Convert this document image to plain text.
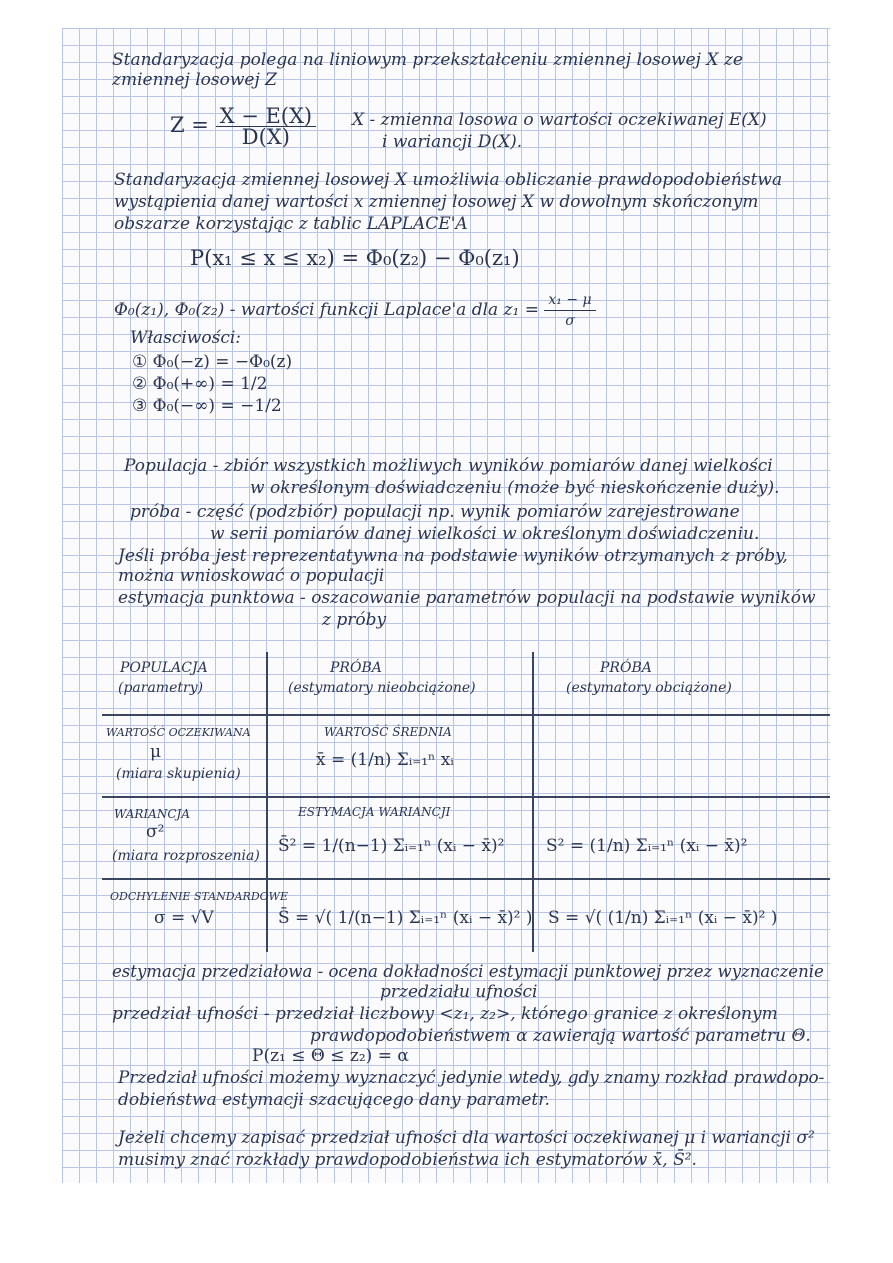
Standaryzacja polega na liniowym przekształceniu zmiennej losowej X ze
zmiennej losowej Z
$Z = \frac{X - E(X)}{D(X)}$ X - zmienna losowa o wartości oczekiwanej E(X)
i wariancji D(X).
Standaryzacja zmiennej losowej X umożliwia obliczanie prawdopodobieństwa
wystąpienia danej wartości x zmiennej losowej X w dowolnym skończonym
obszarze korzystając z tablic LAPLACE'A
P(x₁ ≤ x ≤ x₂) = Φ₀(z₂) − Φ₀(z₁)
Φ₀(z₁), Φ₀(z₂) - wartości funkcji Laplace'a dla $z_1 = \frac{\text{x₁ − μ}}{\sigma}$
Własciwości:
① Φ₀(−z) = −Φ₀(z)
② Φ₀(+∞) = 1/2
③ Φ₀(−∞) = −1/2
Populacja - zbiór wszystkich możliwych wyników pomiarów danej wielkości
w określonym doświadczeniu (może być nieskończenie duży).
próba - część (podzbiór) populacji np. wynik pomiarów zarejestrowane
w serii pomiarów danej wielkości w określonym doświadczeniu.
Jeśli próba jest reprezentatywna na podstawie wyników otrzymanych z próby,
można wnioskować o populacji
estymacja punktowa - oszacowanie parametrów populacji na podstawie wyników
z próby
POPULACJA
(parametry)
PRÓBA
(estymatory nieobciążone)
PRÓBA
(estymatory obciążone)
WARTOŚĆ OCZEKIWANA
μ
(miara skupienia)
WARTOŚĆ ŚREDNIA
x̄ = (1/n) Σᵢ₌₁ⁿ xᵢ
WARIANCJA
σ²
(miara rozproszenia)
ESTYMACJA WARIANCJI
S̄² = 1/(n−1) Σᵢ₌₁ⁿ (xᵢ − x̄)² S² = (1/n) Σᵢ₌₁ⁿ (xᵢ − x̄)²
ODCHYLENIE STANDARDOWE
σ = √V	S̄ = √( 1/(n−1) Σᵢ₌₁ⁿ (xᵢ − x̄)² ) S = √( (1/n) Σᵢ₌₁ⁿ (xᵢ − x̄)² )
estymacja przedziałowa - ocena dokładności estymacji punktowej przez wyznaczenie
przedziału ufności
przedział ufności - przedział liczbowy <z₁, z₂>, którego granice z określonym
prawdopodobieństwem α zawierają wartość parametru Θ.
P(z₁ ≤ Θ ≤ z₂) = α
Przedział ufności możemy wyznaczyć jedynie wtedy, gdy znamy rozkład prawdopo-
dobieństwa estymacji szacującego dany parametr.
Jeżeli chcemy zapisać przedział ufności dla wartości oczekiwanej μ i wariancji σ²
musimy znać rozkłady prawdopodobieństwa ich estymatorów x̄, S̄².
